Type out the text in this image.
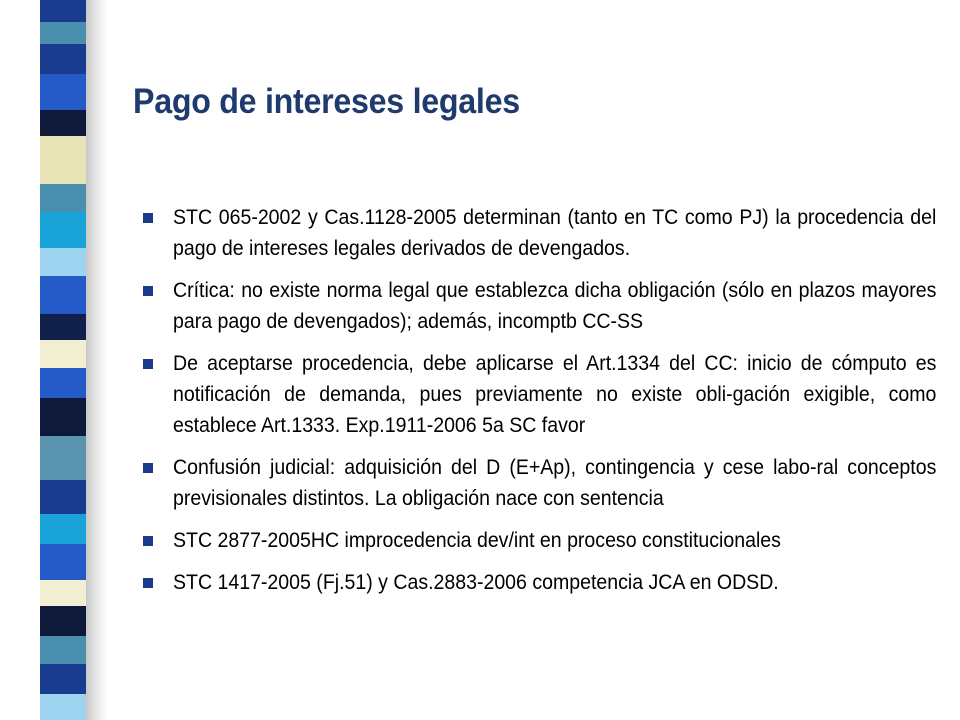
Pago de intereses legales
STC 065-2002 y Cas.1128-2005 determinan (tanto en TC como PJ) la procedencia del pago de intereses legales derivados de devengados.
Crítica: no existe norma legal que establezca dicha obligación (sólo en plazos mayores para pago de devengados); además, incomptb CC-SS
De aceptarse procedencia, debe aplicarse el Art.1334 del CC: inicio de cómputo es notificación de demanda, pues previamente no existe obli-gación exigible, como establece Art.1333. Exp.1911-2006 5a SC favor
Confusión judicial: adquisición del D (E+Ap), contingencia y cese labo-ral conceptos previsionales distintos. La obligación nace con sentencia
STC 2877-2005HC improcedencia dev/int en proceso constitucionales
STC 1417-2005 (Fj.51) y Cas.2883-2006 competencia JCA en ODSD.
